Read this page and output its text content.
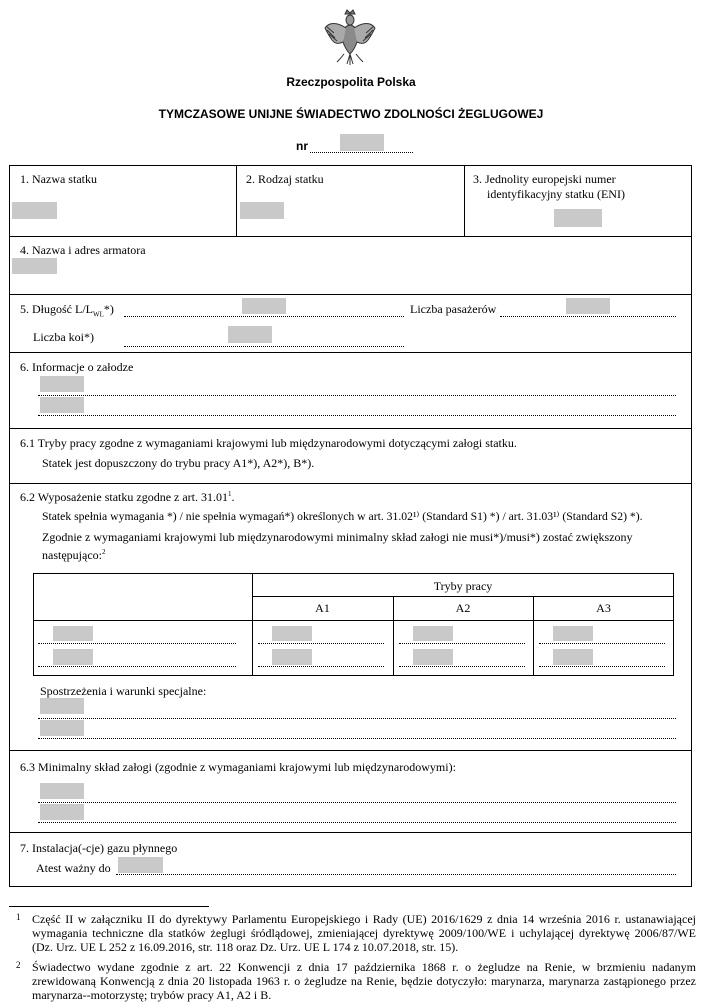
Rzeczpospolita Polska
TYMCZASOWE UNIJNE ŚWIADECTWO ZDOLNOŚCI ŻEGLUGOWEJ
nr
1. Nazwa statku	2. Rodzaj statku	3. Jednolity europejski numer
identyfikacyjny statku (ENI)
4. Nazwa i adres armatora
5. Długość $L/L_{WL}*$)	Liczba pasażerów
Liczba koi*)
6. Informacje o załodze
6.1 Tryby pracy zgodne z wymaganiami krajowymi lub międzynarodowymi dotyczącymi załogi statku.
Statek jest dopuszczony do trybu pracy A1*), A2*), B*).
6.2 Wyposażenie statku zgodne z art. 31.01$^1$.
Statek spełnia wymagania *) / nie spełnia wymagań*) określonych w art. 31.02¹⁾ (Standard S1) *) / art. 31.03¹⁾ (Standard S2) *).
Zgodnie z wymaganiami krajowymi lub międzynarodowymi minimalny skład załogi nie musi*)/musi*) zostać zwiększony
następująco:$^2$
Tryby pracy
A1	A2	A3
Spostrzeżenia i warunki specjalne:
6.3 Minimalny skład załogi (zgodnie z wymaganiami krajowymi lub międzynarodowymi):
7. Instalacja(-cje) gazu płynnego
Atest ważny do
1 Część II w załączniku II do dyrektywy Parlamentu Europejskiego i Rady (UE) 2016/1629 z dnia 14 września 2016 r. ustanawiającej wymagania techniczne dla statków żeglugi śródlądowej, zmieniającej dyrektywę 2009/100/WE i uchylającej dyrektywę 2006/87/WE (Dz. Urz. UE L 252 z 16.09.2016, str. 118 oraz Dz. Urz. UE L 174 z 10.07.2018, str. 15).
2 Świadectwo wydane zgodnie z art. 22 Konwencji z dnia 17 października 1868 r. o żegludze na Renie, w brzmieniu nadanym zrewidowaną Konwencją z dnia 20 listopada 1963 r. o żegludze na Renie, będzie dotyczyło: marynarza, marynarza zastąpionego przez marynarza--motorzystę; trybów pracy A1, A2 i B.
